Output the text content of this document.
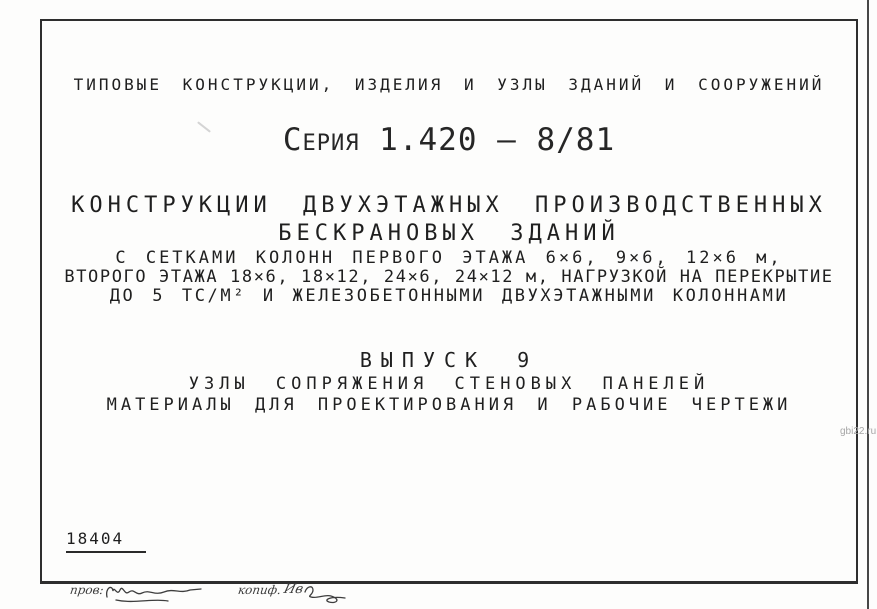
ТИПОВЫЕ КОНСТРУКЦИИ, ИЗДЕЛИЯ И УЗЛЫ ЗДАНИЙ И СООРУЖЕНИЙ
Серия 1.420 – 8/81
КОНСТРУКЦИИ ДВУХЭТАЖНЫХ ПРОИЗВОДСТВЕННЫХ
БЕСКРАНОВЫХ ЗДАНИЙ
С СЕТКАМИ КОЛОНН ПЕРВОГО ЭТАЖА 6×6, 9×6, 12×6 м,
ВТОРОГО ЭТАЖА 18×6, 18×12, 24×6, 24×12 м, НАГРУЗКОЙ НА ПЕРЕКРЫТИЕ
ДО 5 ТС/М² И ЖЕЛЕЗОБЕТОННЫМИ ДВУХЭТАЖНЫМИ КОЛОННАМИ
ВЫПУСК 9
УЗЛЫ СОПРЯЖЕНИЯ СТЕНОВЫХ ПАНЕЛЕЙ
МАТЕРИАЛЫ ДЛЯ ПРОЕКТИРОВАНИЯ И РАБОЧИЕ ЧЕРТЕЖИ
18404
gbi22.ru
пров:	копиф. Ив
